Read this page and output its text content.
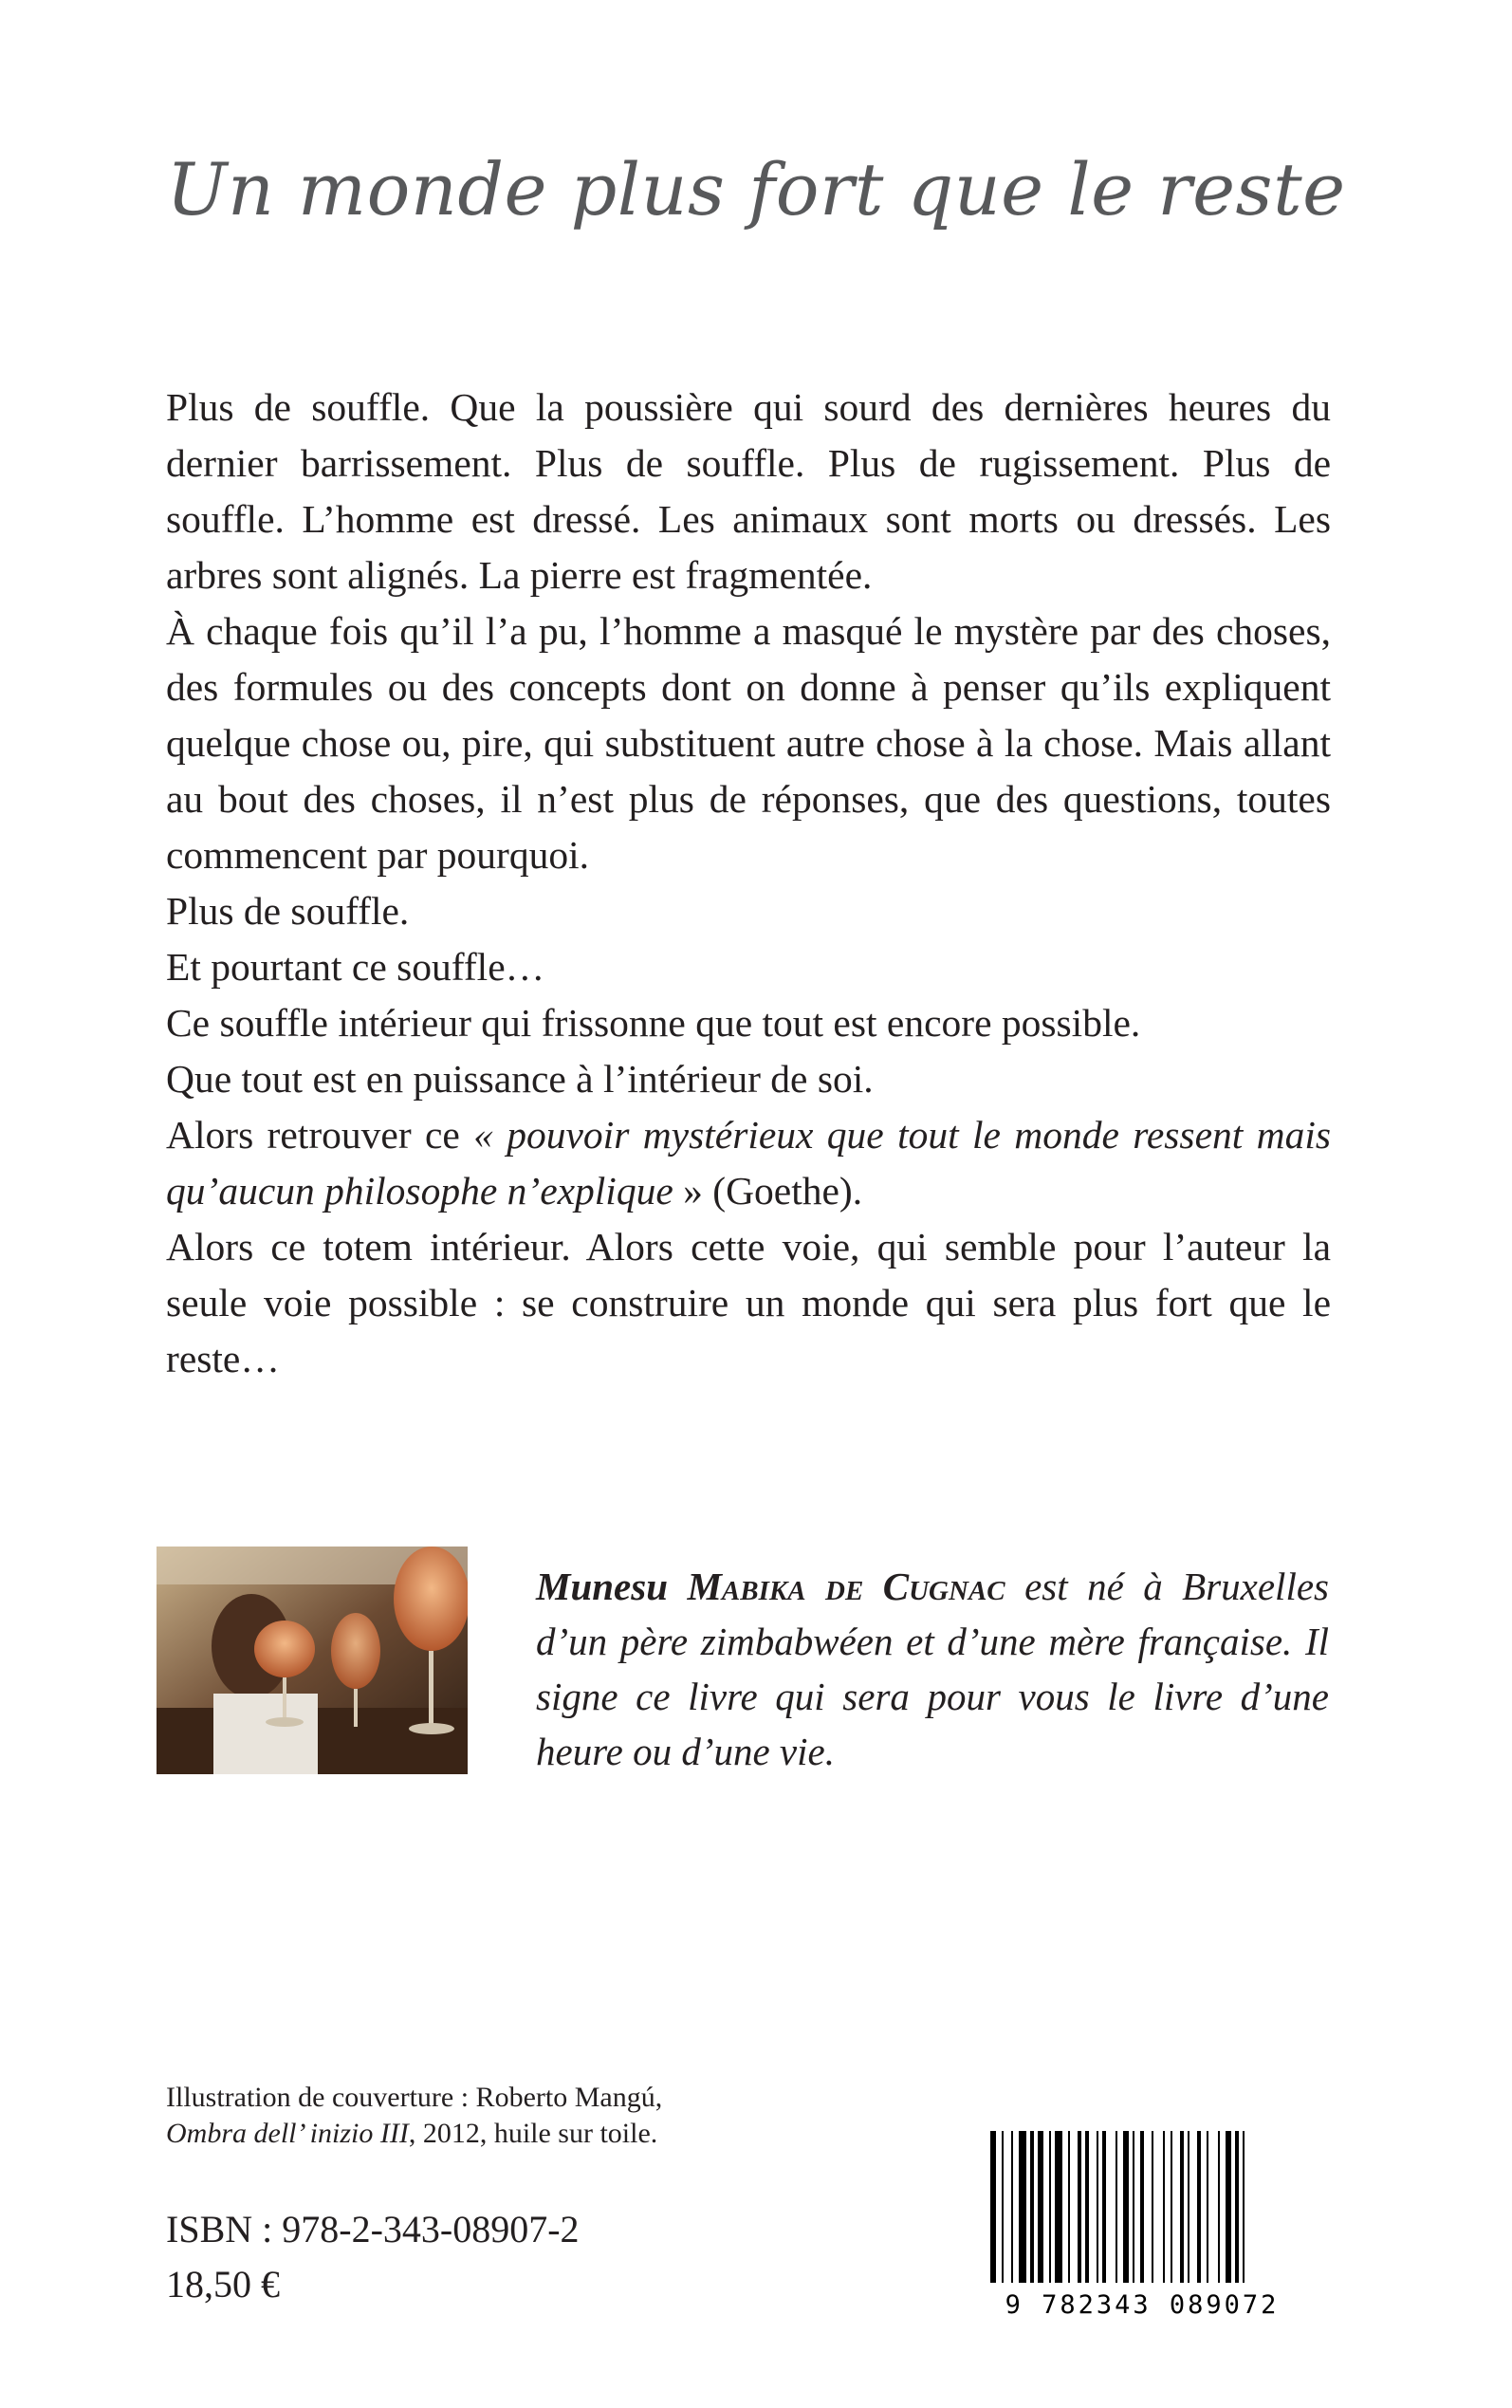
Un monde plus fort que le reste

Plus de souffle. Que la poussière qui sourd des dernières heures du dernier barrissement. Plus de souffle. Plus de rugissement. Plus de souffle. L’homme est dressé. Les animaux sont morts ou dressés. Les arbres sont alignés. La pierre est fragmentée.

À chaque fois qu’il l’a pu, l’homme a masqué le mystère par des choses, des formules ou des concepts dont on donne à penser qu’ils expliquent quelque chose ou, pire, qui substituent autre chose à la chose. Mais allant au bout des choses, il n’est plus de réponses, que des questions, toutes commencent par pourquoi.

Plus de souffle.

Et pourtant ce souffle…

Ce souffle intérieur qui frissonne que tout est encore possible.

Que tout est en puissance à l’intérieur de soi.

Alors retrouver ce « pouvoir mystérieux que tout le monde ressent mais qu’aucun philosophe n’explique » (Goethe).

Alors ce totem intérieur. Alors cette voie, qui semble pour l’auteur la seule voie possible : se construire un monde qui sera plus fort que le reste…

Munesu Mabika de Cugnac est né à Bruxelles d’un père zimbabwéen et d’une mère française. Il signe ce livre qui sera pour vous le livre d’une heure ou d’une vie.

Illustration de couverture : Roberto Mangú,

Ombra dell’ inizio III, 2012, huile sur toile.

ISBN : 978-2-343-08907-2
18,50 €	9 782343 089072
